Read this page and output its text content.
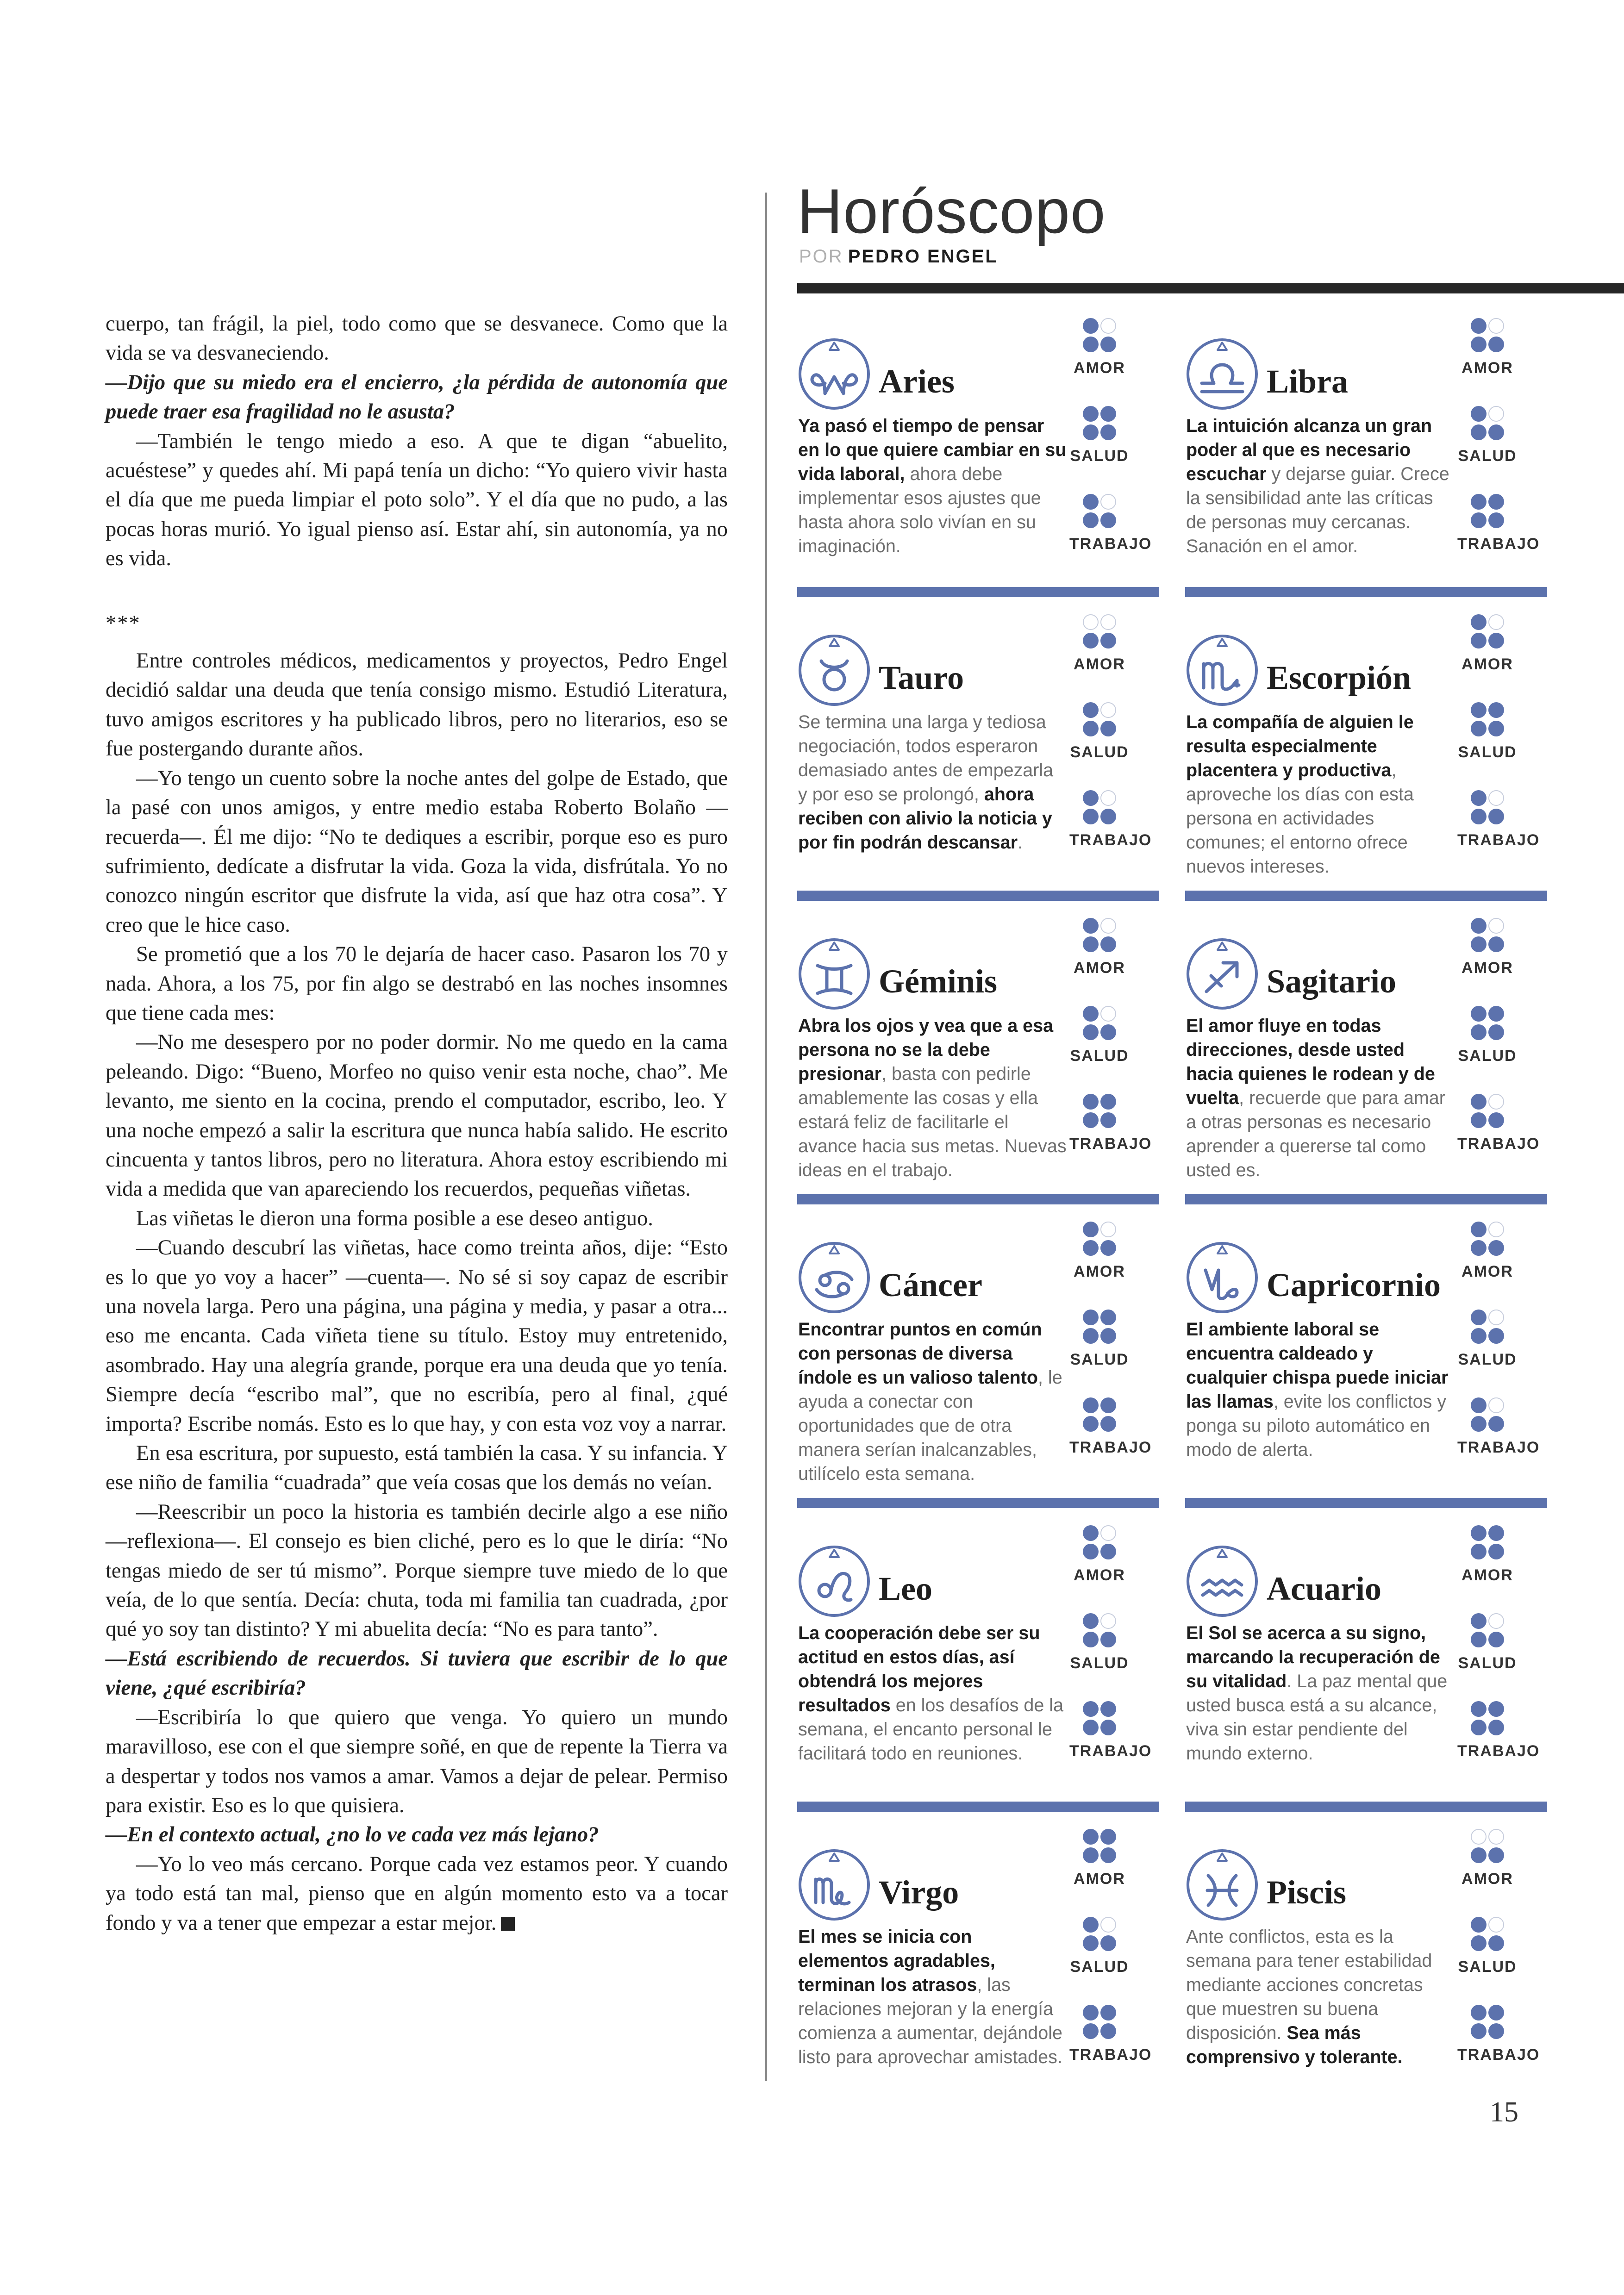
cuerpo, tan frágil, la piel, todo como que se desvanece. Como que la vida se va desvaneciendo.

—Dijo que su miedo era el encierro, ¿la pérdida de autonomía que puede traer esa fragilidad no le asusta?

—También le tengo miedo a eso. A que te digan “abuelito, acuéstese” y quedes ahí. Mi papá tenía un dicho: “Yo quiero vivir hasta el día que me pueda limpiar el poto solo”. Y el día que no pudo, a las pocas horas murió. Yo igual pienso así. Estar ahí, sin autonomía, ya no es vida.

***

Entre controles médicos, medicamentos y proyectos, Pedro Engel decidió saldar una deuda que tenía consigo mismo. Estudió Literatura, tuvo amigos escritores y ha publicado libros, pero no literarios, eso se fue postergando durante años.

—Yo tengo un cuento sobre la noche antes del golpe de Estado, que la pasé con unos amigos, y entre medio estaba Roberto Bolaño —recuerda—. Él me dijo: “No te dediques a escribir, porque eso es puro sufrimiento, dedícate a disfrutar la vida. Goza la vida, disfrútala. Yo no conozco ningún escritor que disfrute la vida, así que haz otra cosa”. Y creo que le hice caso.

Se prometió que a los 70 le dejaría de hacer caso. Pasaron los 70 y nada. Ahora, a los 75, por fin algo se destrabó en las noches insomnes que tiene cada mes:

—No me desespero por no poder dormir. No me quedo en la cama peleando. Digo: “Bueno, Morfeo no quiso venir esta noche, chao”. Me levanto, me siento en la cocina, prendo el computador, escribo, leo. Y una noche empezó a salir la escritura que nunca había salido. He escrito cincuenta y tantos libros, pero no literatura. Ahora estoy escribiendo mi vida a medida que van apareciendo los recuerdos, pequeñas viñetas.

Las viñetas le dieron una forma posible a ese deseo antiguo.

—Cuando descubrí las viñetas, hace como treinta años, dije: “Esto es lo que yo voy a hacer” —cuenta—. No sé si soy capaz de escribir una novela larga. Pero una página, una página y media, y pasar a otra... eso me encanta. Cada viñeta tiene su título. Estoy muy entretenido, asombrado. Hay una alegría grande, porque era una deuda que yo tenía. Siempre decía “escribo mal”, que no escribía, pero al final, ¿qué importa? Escribe nomás. Esto es lo que hay, y con esta voz voy a narrar.

En esa escritura, por supuesto, está también la casa. Y su infancia. Y ese niño de familia “cuadrada” que veía cosas que los demás no veían.

—Reescribir un poco la historia es también decirle algo a ese niño —reflexiona—. El consejo es bien cliché, pero es lo que le diría: “No tengas miedo de ser tú mismo”. Porque siempre tuve miedo de lo que veía, de lo que sentía. Decía: chuta, toda mi familia tan cuadrada, ¿por qué yo soy tan distinto? Y mi abuelita decía: “No es para tanto”.

—Está escribiendo de recuerdos. Si tuviera que escribir de lo que viene, ¿qué escribiría?

—Escribiría lo que quiero que venga. Yo quiero un mundo maravilloso, ese con el que siempre soñé, en que de repente la Tierra va a despertar y todos nos vamos a amar. Vamos a dejar de pelear. Permiso para existir. Eso es lo que quisiera.

—En el contexto actual, ¿no lo ve cada vez más lejano?

—Yo lo veo más cercano. Porque cada vez estamos peor. Y cuando ya todo está tan mal, pienso que en algún momento esto va a tocar fondo y va a tener que empezar a estar mejor.

Horóscopo
POR PEDRO ENGEL
Aries
Ya pasó el tiempo de pensar en lo que quiere cambiar en su vida laboral, ahora debe implementar esos ajustes que hasta ahora solo vivían en su imaginación.
AMOR
SALUD
TRABAJO
Libra
La intuición alcanza un gran poder al que es necesario escuchar y dejarse guiar. Crece la sensibilidad ante las críticas de personas muy cercanas. Sanación en el amor.
AMOR
SALUD
TRABAJO
Tauro
Se termina una larga y tediosa negociación, todos esperaron demasiado antes de empezarla y por eso se prolongó, ahora reciben con alivio la noticia y por fin podrán descansar.
AMOR
SALUD
TRABAJO
Escorpión
La compañía de alguien le resulta especialmente placentera y productiva, aproveche los días con esta persona en actividades comunes; el entorno ofrece nuevos intereses.
AMOR
SALUD
TRABAJO
Géminis
Abra los ojos y vea que a esa persona no se la debe presionar, basta con pedirle amablemente las cosas y ella estará feliz de facilitarle el avance hacia sus metas. Nuevas ideas en el trabajo.
AMOR
SALUD
TRABAJO
Sagitario
El amor fluye en todas direcciones, desde usted hacia quienes le rodean y de vuelta, recuerde que para amar a otras personas es necesario aprender a quererse tal como usted es.
AMOR
SALUD
TRABAJO
Cáncer
Encontrar puntos en común con personas de diversa índole es un valioso talento, le ayuda a conectar con oportunidades que de otra manera serían inalcanzables, utilícelo esta semana.
AMOR
SALUD
TRABAJO
Capricornio
El ambiente laboral se encuentra caldeado y cualquier chispa puede iniciar las llamas, evite los conflictos y ponga su piloto automático en modo de alerta.
AMOR
SALUD
TRABAJO
Leo
La cooperación debe ser su actitud en estos días, así obtendrá los mejores resultados en los desafíos de la semana, el encanto personal le facilitará todo en reuniones.
AMOR
SALUD
TRABAJO
Acuario
El Sol se acerca a su signo, marcando la recuperación de su vitalidad. La paz mental que usted busca está a su alcance, viva sin estar pendiente del mundo externo.
AMOR
SALUD
TRABAJO
Virgo
El mes se inicia con elementos agradables, terminan los atrasos, las relaciones mejoran y la energía comienza a aumentar, dejándole listo para aprovechar amistades.
AMOR
SALUD
TRABAJO
Piscis
Ante conflictos, esta es la semana para tener estabilidad mediante acciones concretas que muestren su buena disposición. Sea más comprensivo y tolerante.
AMOR
SALUD
TRABAJO
15
